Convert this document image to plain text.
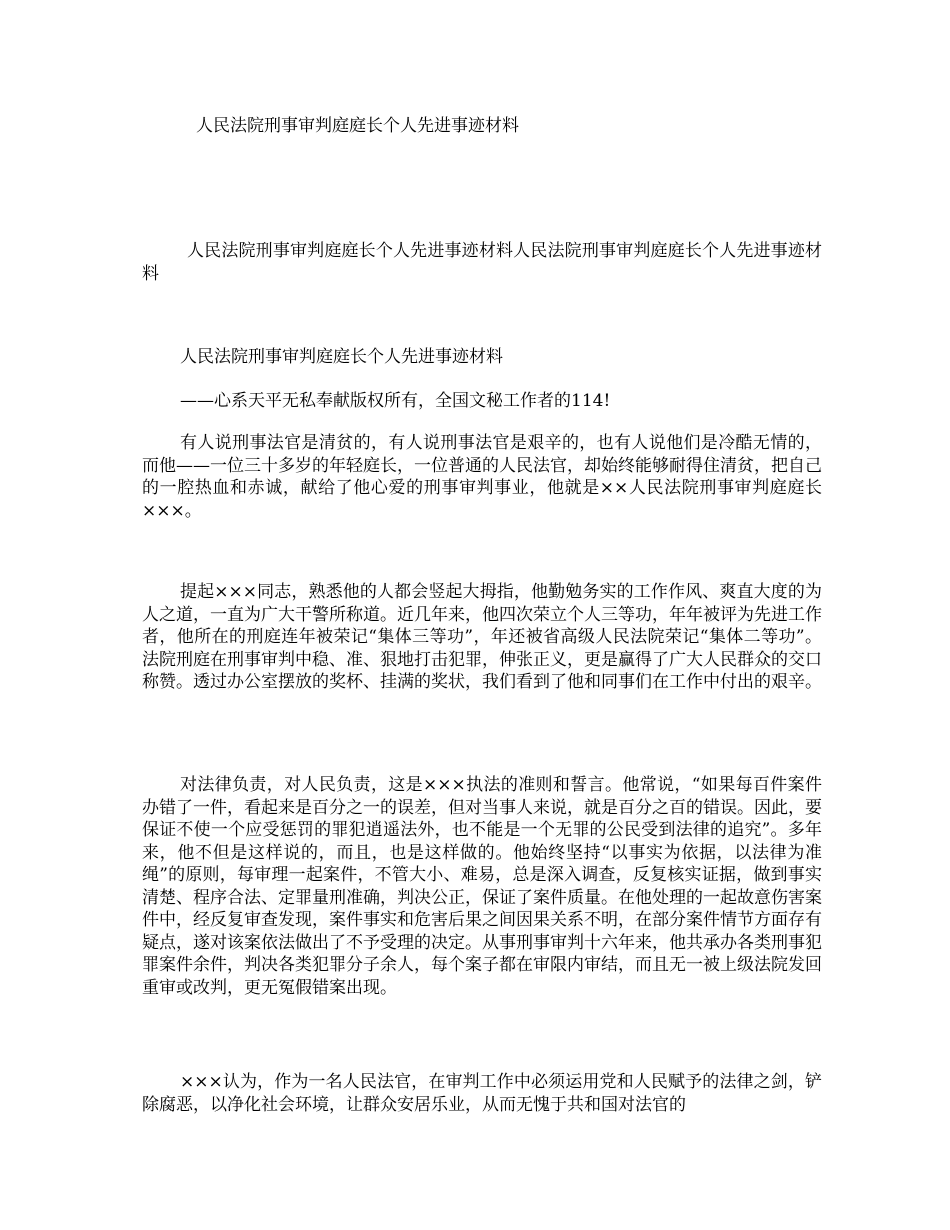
人民法院刑事审判庭庭长个人先进事迹材料
人民法院刑事审判庭庭长个人先进事迹材料人民法院刑事审判庭庭长个人先进事迹材料
人民法院刑事审判庭庭长个人先进事迹材料
——心系天平无私奉献版权所有，全国文秘工作者的114!
有人说刑事法官是清贫的，有人说刑事法官是艰辛的，也有人说他们是冷酷无情的，而他——一位三十多岁的年轻庭长，一位普通的人民法官，却始终能够耐得住清贫，把自己的一腔热血和赤诚，献给了他心爱的刑事审判事业，他就是××人民法院刑事审判庭庭长×××。
提起×××同志，熟悉他的人都会竖起大拇指，他勤勉务实的工作作风、爽直大度的为人之道，一直为广大干警所称道。近几年来，他四次荣立个人三等功，年年被评为先进工作者，他所在的刑庭连年被荣记“集体三等功”，年还被省高级人民法院荣记“集体二等功”。法院刑庭在刑事审判中稳、准、狠地打击犯罪，伸张正义，更是赢得了广大人民群众的交口称赞。透过办公室摆放的奖杯、挂满的奖状，我们看到了他和同事们在工作中付出的艰辛。
对法律负责，对人民负责，这是×××执法的准则和誓言。他常说，“如果每百件案件办错了一件，看起来是百分之一的误差，但对当事人来说，就是百分之百的错误。因此，要保证不使一个应受惩罚的罪犯逍遥法外，也不能是一个无罪的公民受到法律的追究”。多年来，他不但是这样说的，而且，也是这样做的。他始终坚持“以事实为依据，以法律为准绳”的原则，每审理一起案件，不管大小、难易，总是深入调查，反复核实证据，做到事实清楚、程序合法、定罪量刑准确，判决公正，保证了案件质量。在他处理的一起故意伤害案件中，经反复审查发现，案件事实和危害后果之间因果关系不明，在部分案件情节方面存有疑点，遂对该案依法做出了不予受理的决定。从事刑事审判十六年来，他共承办各类刑事犯罪案件余件，判决各类犯罪分子余人，每个案子都在审限内审结，而且无一被上级法院发回重审或改判，更无冤假错案出现。
×××认为，作为一名人民法官，在审判工作中必须运用党和人民赋予的法律之剑，铲除腐恶，以净化社会环境，让群众安居乐业，从而无愧于共和国对法官的
